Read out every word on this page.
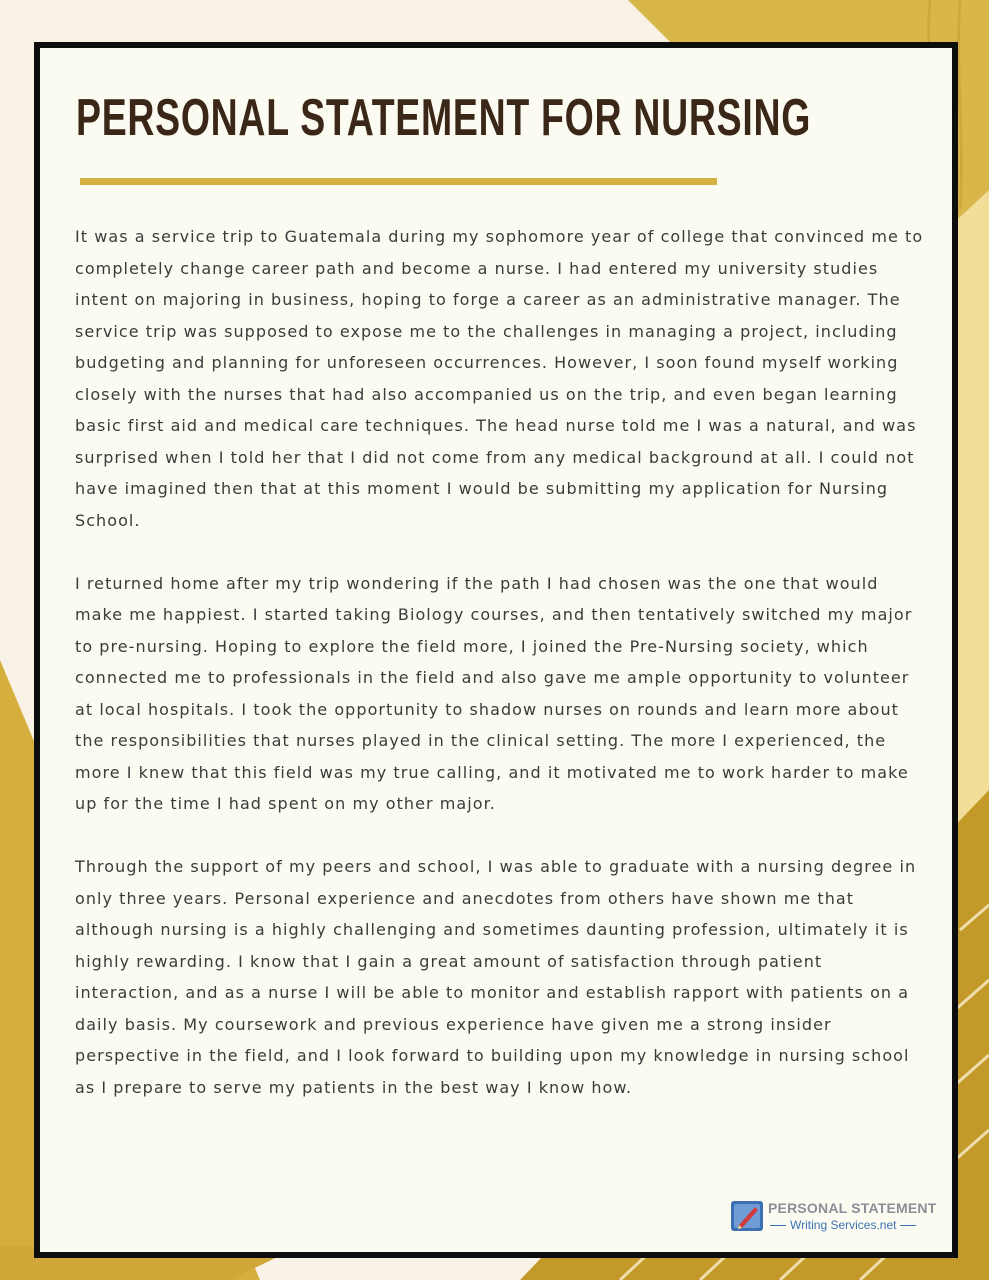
PERSONAL STATEMENT FOR NURSING

It was a service trip to Guatemala during my sophomore year of college that convinced me to completely change career path and become a nurse. I had entered my university studies intent on majoring in business, hoping to forge a career as an administrative manager. The service trip was supposed to expose me to the challenges in managing a project, including budgeting and planning for unforeseen occurrences. However, I soon found myself working closely with the nurses that had also accompanied us on the trip, and even began learning basic first aid and medical care techniques. The head nurse told me I was a natural, and was surprised when I told her that I did not come from any medical background at all. I could not have imagined then that at this moment I would be submitting my application for Nursing School.

I returned home after my trip wondering if the path I had chosen was the one that would make me happiest. I started taking Biology courses, and then tentatively switched my major to pre-nursing. Hoping to explore the field more, I joined the Pre-Nursing society, which connected me to professionals in the field and also gave me ample opportunity to volunteer at local hospitals. I took the opportunity to shadow nurses on rounds and learn more about the responsibilities that nurses played in the clinical setting. The more I experienced, the more I knew that this field was my true calling, and it motivated me to work harder to make up for the time I had spent on my other major.

Through the support of my peers and school, I was able to graduate with a nursing degree in only three years. Personal experience and anecdotes from others have shown me that although nursing is a highly challenging and sometimes daunting profession, ultimately it is highly rewarding. I know that I gain a great amount of satisfaction through patient interaction, and as a nurse I will be able to monitor and establish rapport with patients on a daily basis. My coursework and previous experience have given me a strong insider perspective in the field, and I look forward to building upon my knowledge in nursing school as I prepare to serve my patients in the best way I know how.

PERSONAL STATEMENT
Writing Services.net
